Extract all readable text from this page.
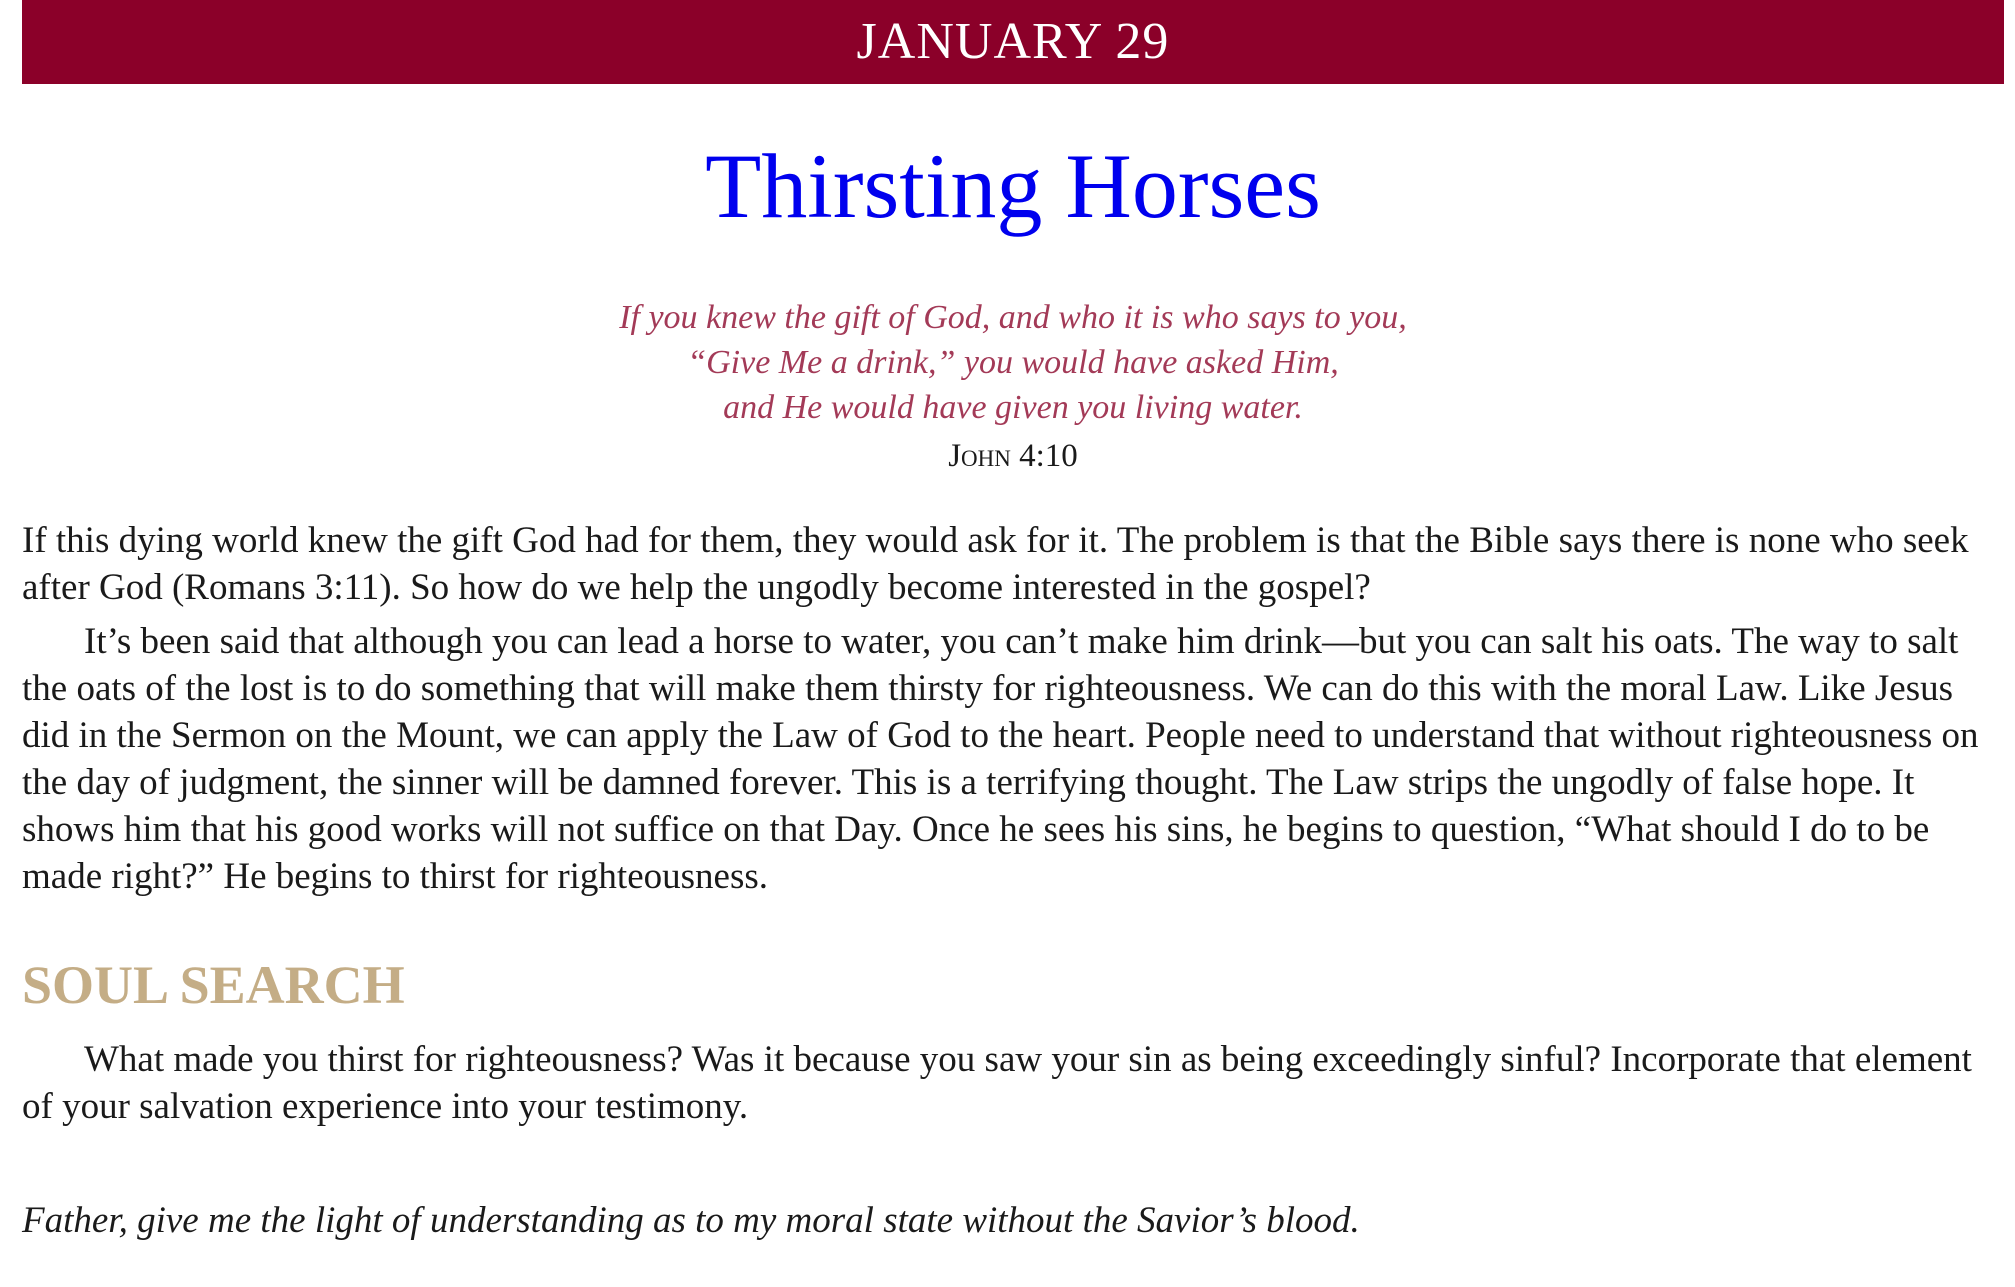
JANUARY 29
Thirsting Horses
If you knew the gift of God, and who it is who says to you,
“Give Me a drink,” you would have asked Him,
and He would have given you living water.
John 4:10

If this dying world knew the gift God had for them, they would ask for it. The problem is that the Bible says there is none who seek after God (Romans 3:11). So how do we help the ungodly become interested in the gospel?

It’s been said that although you can lead a horse to water, you can’t make him drink—but you can salt his oats. The way to salt the oats of the lost is to do something that will make them thirsty for righteousness. We can do this with the moral Law. Like Jesus did in the Sermon on the Mount, we can apply the Law of God to the heart. People need to understand that without righteousness on the day of judgment, the sinner will be damned forever. This is a terrifying thought. The Law strips the ungodly of false hope. It shows him that his good works will not suffice on that Day. Once he sees his sins, he begins to question, “What should I do to be made right?” He begins to thirst for righteousness.

SOUL SEARCH
What made you thirst for righteousness? Was it because you saw your sin as being exceedingly sinful? Incorporate that element of your salvation experience into your testimony.
Father, give me the light of understanding as to my moral state without the Savior’s blood.
